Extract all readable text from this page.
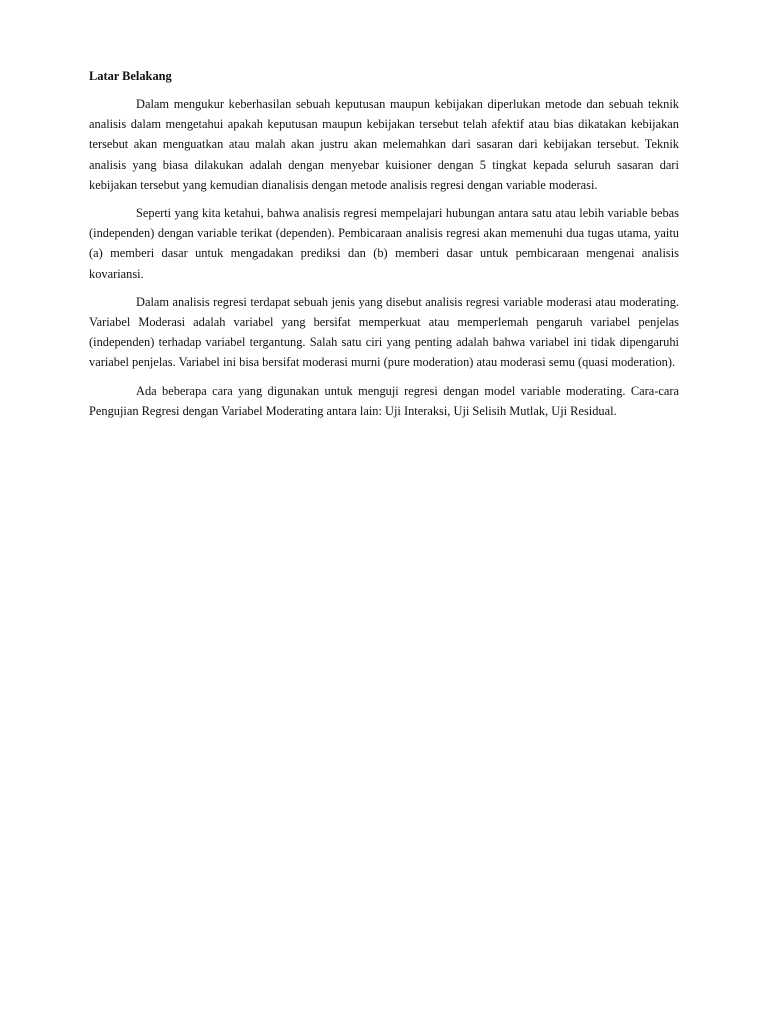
Latar Belakang

Dalam mengukur keberhasilan sebuah keputusan maupun kebijakan diperlukan metode dan sebuah teknik analisis dalam mengetahui apakah keputusan maupun kebijakan tersebut telah afektif atau bias dikatakan kebijakan tersebut akan menguatkan atau malah akan justru akan melemahkan dari sasaran dari kebijakan tersebut. Teknik analisis yang biasa dilakukan adalah dengan menyebar kuisioner dengan 5 tingkat kepada seluruh sasaran dari kebijakan tersebut yang kemudian dianalisis dengan metode analisis regresi dengan variable moderasi.

Seperti yang kita ketahui, bahwa analisis regresi mempelajari hubungan antara satu atau lebih variable bebas (independen) dengan variable terikat (dependen). Pembicaraan analisis regresi akan memenuhi dua tugas utama, yaitu (a) memberi dasar untuk mengadakan prediksi dan (b) memberi dasar untuk pembicaraan mengenai analisis kovariansi.

Dalam analisis regresi terdapat sebuah jenis yang disebut analisis regresi variable moderasi atau moderating. Variabel Moderasi adalah variabel yang bersifat memperkuat atau memperlemah pengaruh variabel penjelas (independen) terhadap variabel tergantung. Salah satu ciri yang penting adalah bahwa variabel ini tidak dipengaruhi variabel penjelas. Variabel ini bisa bersifat moderasi murni (pure moderation) atau moderasi semu (quasi moderation).

Ada beberapa cara yang digunakan untuk menguji regresi dengan model variable moderating. Cara-cara Pengujian Regresi dengan Variabel Moderating antara lain: Uji Interaksi, Uji Selisih Mutlak, Uji Residual.
